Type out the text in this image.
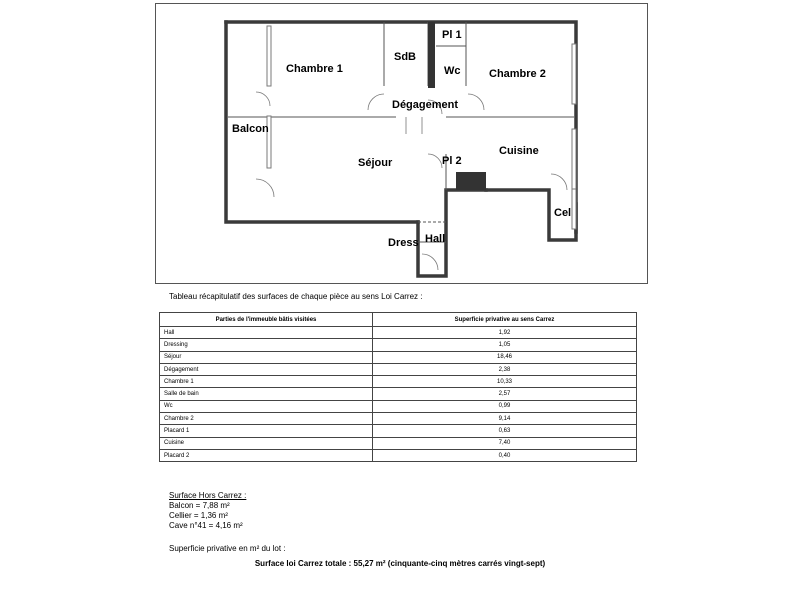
Chambre 1
SdB
Pl 1
Wc	Chambre 2
Dégagement
Balcon
Séjour	Pl 2
Cuisine
Cel
Dress Hall
Tableau récapitulatif des surfaces de chaque pièce au sens Loi Carrez :
Parties de l'immeuble bâtis visitées	Superficie privative au sens Carrez
Hall	1,92
Dressing	1,05
Séjour	18,46
Dégagement	2,38
Chambre 1	10,33
Salle de bain	2,57
Wc	0,99
Chambre 2	9,14
Placard 1	0,63
Cuisine	7,40
Placard 2	0,40
Surface Hors Carrez :
Balcon = 7,88 m²
Cellier = 1,36 m²
Cave n°41 = 4,16 m²
Superficie privative en m² du lot :
Surface loi Carrez totale : 55,27 m² (cinquante-cinq mètres carrés vingt-sept)
